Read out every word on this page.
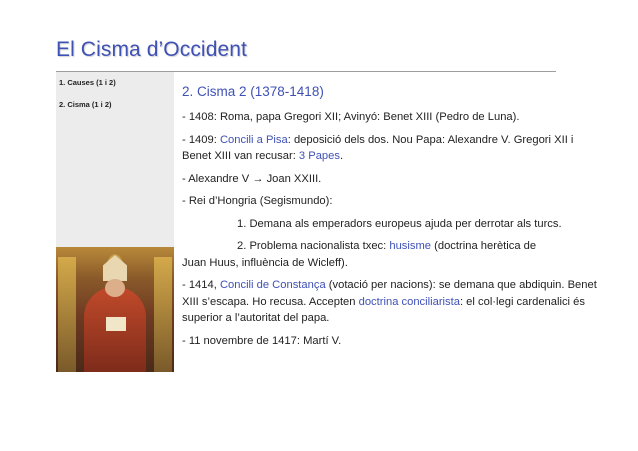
El Cisma d’Occident
1. Causes (1 i 2)
2. Cisma (1 i 2)
2. Cisma 2 (1378-1418)

- 1408: Roma, papa Gregori XII; Avinyó: Benet XIII (Pedro de Luna).

- 1409: Concili a Pisa: deposició dels dos. Nou Papa: Alexandre V. Gregori XII i Benet XIII van recusar: 3 Papes.

- Alexandre V → Joan XXIII.

- Rei d’Hongria (Segismundo):

1. Demana als emperadors europeus ajuda per derrotar als turcs.

2. Problema nacionalista txec: husisme (doctrina herètica de
Juan Huus, influència de Wicleff).

- 1414, Concili de Constança (votació per nacions): se demana que abdiquin. Benet XIII s’escapa. Ho recusa. Accepten doctrina conciliarista: el col·legi cardenalici és superior a l’autoritat del papa.

- 11 novembre de 1417: Martí V.
